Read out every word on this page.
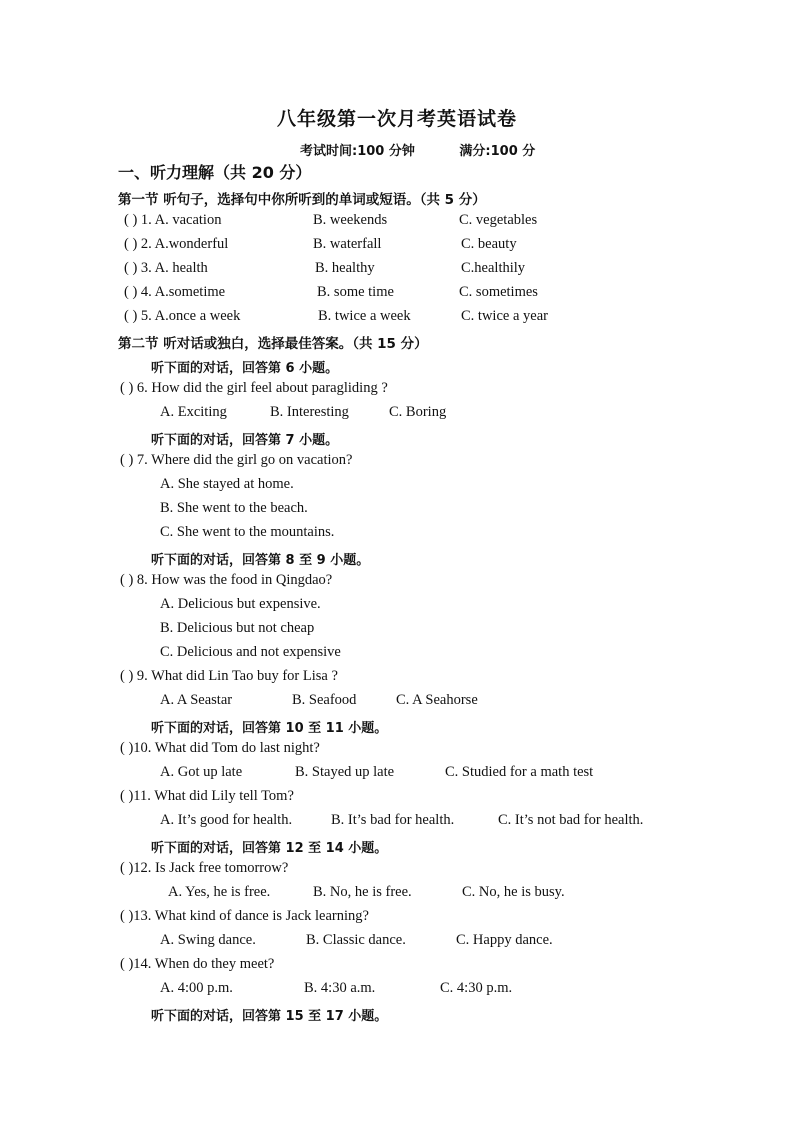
八年级第一次月考英语试卷
考试时间:100 分钟	满分:100 分
一、听力理解（共 20 分）
第一节 听句子，选择句中你所听到的单词或短语。（共 5 分）
( ) 1. A. vacation	B. weekends	C. vegetables
( ) 2. A.wonderful	B. waterfall	C. beauty
( ) 3. A. health	B. healthy	C.healthily
( ) 4. A.sometime	B. some time	C. sometimes
( ) 5. A.once a week	B. twice a week	C. twice a year
第二节 听对话或独白，选择最佳答案。（共 15 分）
听下面的对话，回答第 6 小题。
( ) 6. How did the girl feel about paragliding ?
A. Exciting	B. Interesting	C. Boring
听下面的对话，回答第 7 小题。
( ) 7. Where did the girl go on vacation?
A. She stayed at home.
B. She went to the beach.
C. She went to the mountains.
听下面的对话，回答第 8 至 9 小题。
( ) 8. How was the food in Qingdao?
A. Delicious but expensive.
B. Delicious but not cheap
C. Delicious and not expensive
( ) 9. What did Lin Tao buy for Lisa ?
A. A Seastar	B. Seafood	C. A Seahorse
听下面的对话，回答第 10 至 11 小题。
( )10. What did Tom do last night?
A. Got up late	B. Stayed up late	C. Studied for a math test
( )11. What did Lily tell Tom?
A. It’s good for health.	B. It’s bad for health.	C. It’s not bad for health.
听下面的对话，回答第 12 至 14 小题。
( )12. Is Jack free tomorrow?
A. Yes, he is free.	B. No, he is free.	C. No, he is busy.
( )13. What kind of dance is Jack learning?
A. Swing dance.	B. Classic dance.	C. Happy dance.
( )14. When do they meet?
A. 4:00 p.m.	B. 4:30 a.m.	C. 4:30 p.m.
听下面的对话，回答第 15 至 17 小题。
